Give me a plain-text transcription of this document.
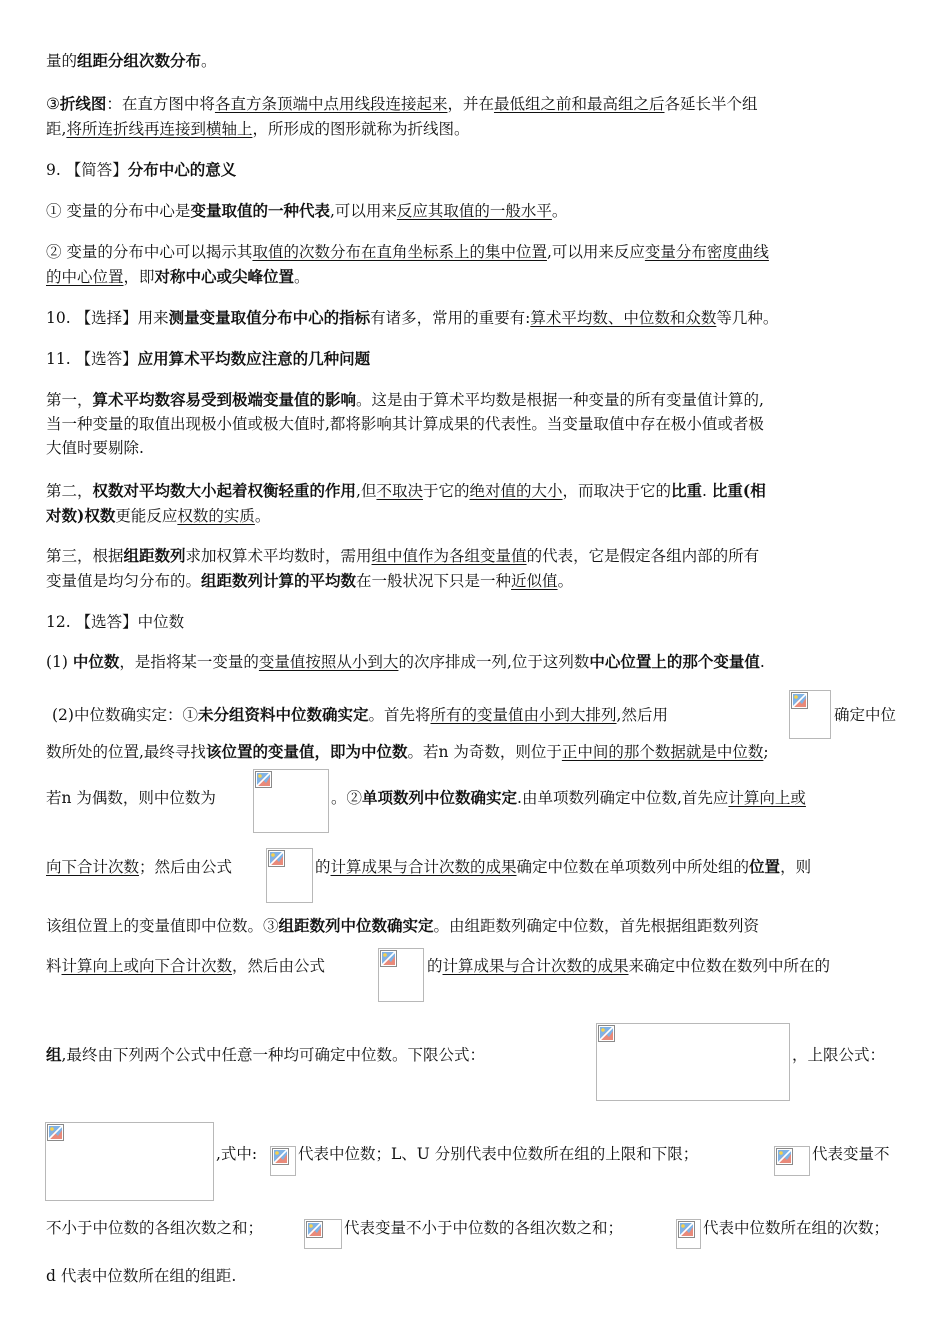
量的组距分组次数分布。
③折线图：在直方图中将各直方条顶端中点用线段连接起来，并在最低组之前和最高组之后各延长半个组
距,将所连折线再连接到横轴上，所形成的图形就称为折线图。
9. 【简答】分布中心的意义
① 变量的分布中心是变量取值的一种代表,可以用来反应其取值的一般水平。
② 变量的分布中心可以揭示其取值的次数分布在直角坐标系上的集中位置,可以用来反应变量分布密度曲线
的中心位置，即对称中心或尖峰位置。
10. 【选择】用来测量变量取值分布中心的指标有诸多，常用的重要有:算术平均数、中位数和众数等几种。
11. 【选答】应用算术平均数应注意的几种问题
第一，算术平均数容易受到极端变量值的影响。这是由于算术平均数是根据一种变量的所有变量值计算的,
当一种变量的取值出现极小值或极大值时,都将影响其计算成果的代表性。当变量取值中存在极小值或者极
大值时要剔除.
第二，权数对平均数大小起着权衡轻重的作用,但不取决于它的绝对值的大小，而取决于它的比重. 比重(相
对数)权数更能反应权数的实质。
第三，根据组距数列求加权算术平均数时，需用组中值作为各组变量值的代表，它是假定各组内部的所有
变量值是均匀分布的。组距数列计算的平均数在一般状况下只是一种近似值。
12. 【选答】中位数
(1) 中位数，是指将某一变量的变量值按照从小到大的次序排成一列,位于这列数中心位置上的那个变量值.
(2)中位数确实定：①未分组资料中位数确实定。首先将所有的变量值由小到大排列,然后用	确定中位
数所处的位置,最终寻找该位置的变量值，即为中位数。若n 为奇数，则位于正中间的那个数据就是中位数;
若n 为偶数，则中位数为	。②单项数列中位数确实定.由单项数列确定中位数,首先应计算向上或
向下合计次数；然后由公式	的计算成果与合计次数的成果确定中位数在单项数列中所处组的位置，则
该组位置上的变量值即中位数。③组距数列中位数确实定。由组距数列确定中位数，首先根据组距数列资
料计算向上或向下合计次数，然后由公式	的计算成果与合计次数的成果来确定中位数在数列中所在的
组,最终由下列两个公式中任意一种均可确定中位数。下限公式：	，上限公式：
,式中:	代表中位数；L、U 分别代表中位数所在组的上限和下限；	代表变量不
不小于中位数的各组次数之和；	代表变量不小于中位数的各组次数之和；	代表中位数所在组的次数；
d 代表中位数所在组的组距.
